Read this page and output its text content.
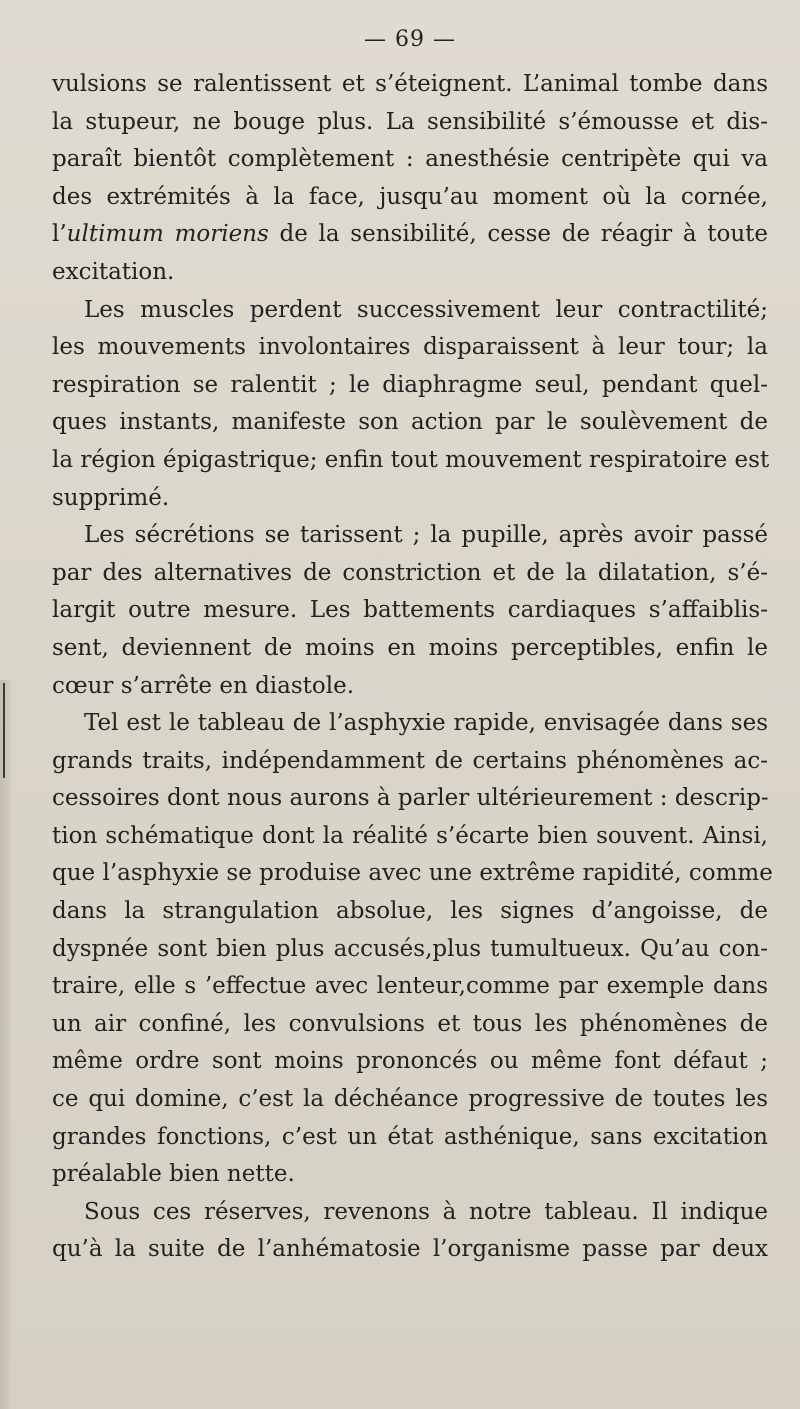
— 69 —
vulsions se ralentissent et s’éteignent. L’animal tombe dans
la stupeur, ne bouge plus. La sensibilité s’émousse et dis-
paraît bientôt complètement : anesthésie centripète qui va
des extrémités à la face, jusqu’au moment où la cornée,
l’ultimum moriens de la sensibilité, cesse de réagir à toute
excitation.
Les muscles perdent successivement leur contractilité;
les mouvements involontaires disparaissent à leur tour; la
respiration se ralentit ; le diaphragme seul, pendant quel-
ques instants, manifeste son action par le soulèvement de
la région épigastrique; enfin tout mouvement respiratoire est
supprimé.
Les sécrétions se tarissent ; la pupille, après avoir passé
par des alternatives de constriction et de la dilatation, s’é-
largit outre mesure. Les battements cardiaques s’affaiblis-
sent, deviennent de moins en moins perceptibles, enfin le
cœur s’arrête en diastole.
Tel est le tableau de l’asphyxie rapide, envisagée dans ses
grands traits, indépendamment de certains phénomènes ac-
cessoires dont nous aurons à parler ultérieurement : descrip-
tion schématique dont la réalité s’écarte bien souvent. Ainsi,
que l’asphyxie se produise avec une extrême rapidité, comme
dans la strangulation absolue, les signes d’angoisse, de
dyspnée sont bien plus accusés,plus tumultueux. Qu’au con-
traire, elle s ’effectue avec lenteur,comme par exemple dans
un air confiné, les convulsions et tous les phénomènes de
même ordre sont moins prononcés ou même font défaut ;
ce qui domine, c’est la déchéance progressive de toutes les
grandes fonctions, c’est un état asthénique, sans excitation
préalable bien nette.
Sous ces réserves, revenons à notre tableau. Il indique
qu’à la suite de l’anhématosie l’organisme passe par deux
